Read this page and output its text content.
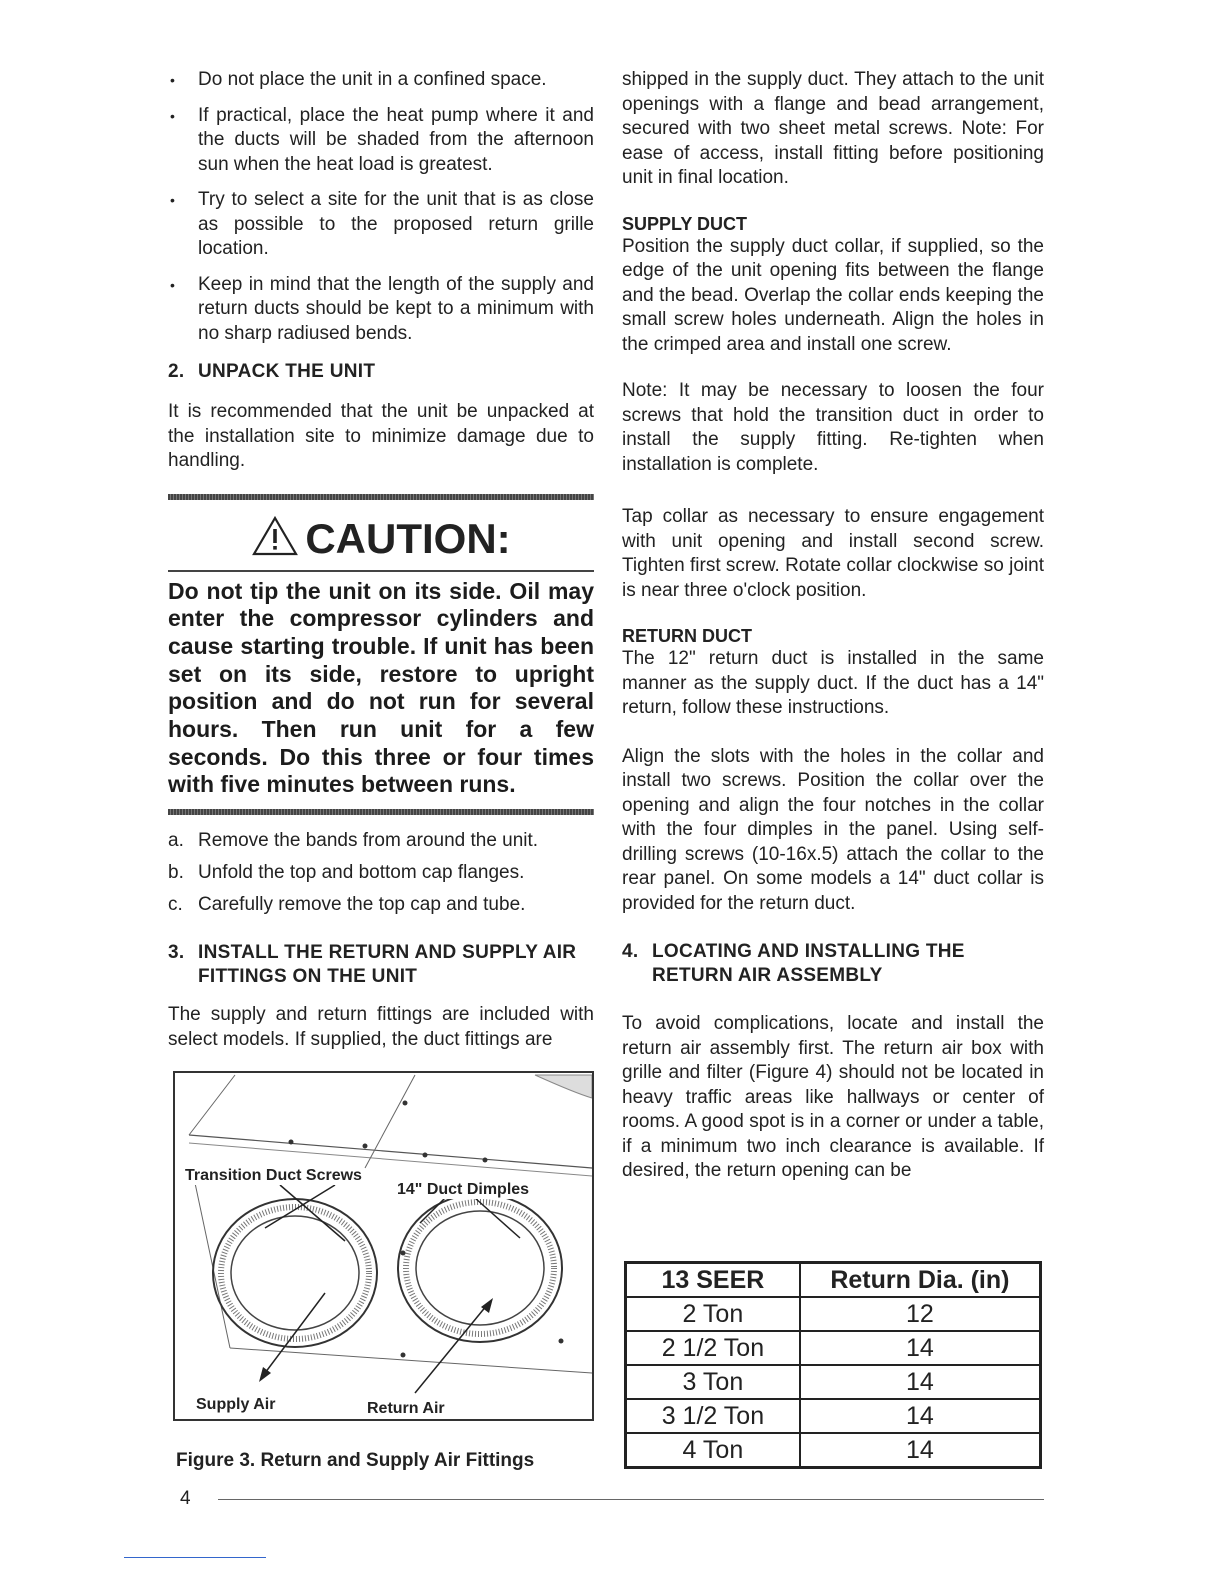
• Do not place the unit in a confined space.
• If practical, place the heat pump where it and the ducts will be shaded from the afternoon sun when the heat load is greatest.
• Try to select a site for the unit that is as close as possible to the proposed return grille location.
• Keep in mind that the length of the supply and return ducts should be kept to a minimum with no sharp radiused bends.
2. UNPACK THE UNIT

It is recommended that the unit be unpacked at the installation site to minimize damage due to handling.

CAUTION:
Do not tip the unit on its side. Oil may enter the compressor cylinders and cause starting trouble. If unit has been set on its side, restore to upright position and do not run for several hours. Then run unit for a few seconds. Do this three or four times with five minutes between runs.
a. Remove the bands from around the unit.
b. Unfold the top and bottom cap flanges.
c. Carefully remove the top cap and tube.
3. INSTALL THE RETURN AND SUPPLY AIR FITTINGS ON THE UNIT

The supply and return fittings are included with select models. If supplied, the duct fittings are

Transition Duct Screws
14" Duct Dimples
Supply Air	Return Air
Figure 3. Return and Supply Air Fittings

shipped in the supply duct. They attach to the unit openings with a flange and bead arrangement, secured with two sheet metal screws. Note: For ease of access, install fitting before positioning unit in final location.

SUPPLY DUCT

Position the supply duct collar, if supplied, so the edge of the unit opening fits between the flange and the bead. Overlap the collar ends keeping the small screw holes underneath. Align the holes in the crimped area and install one screw.

Note: It may be necessary to loosen the four screws that hold the transition duct in order to install the supply fitting. Re-tighten when installation is complete.

Tap collar as necessary to ensure engagement with unit opening and install second screw. Tighten first screw. Rotate collar clockwise so joint is near three o'clock position.

RETURN DUCT

The 12" return duct is installed in the same manner as the supply duct. If the duct has a 14" return, follow these instructions.

Align the slots with the holes in the collar and install two screws. Position the collar over the opening and align the four notches in the collar with the four dimples in the panel. Using self-drilling screws (10-16x.5) attach the collar to the rear panel. On some models a 14" duct collar is provided for the return duct.

4. LOCATING AND INSTALLING THE RETURN AIR ASSEMBLY

To avoid complications, locate and install the return air assembly first. The return air box with grille and filter (Figure 4) should not be located in heavy traffic areas like hallways or center of rooms. A good spot is in a corner or under a table, if a minimum two inch clearance is available. If desired, the return opening can be

13 SEER	Return Dia. (in)
2 Ton	12
2 1/2 Ton	14
3 Ton	14
3 1/2 Ton	14
4 Ton	14
4
